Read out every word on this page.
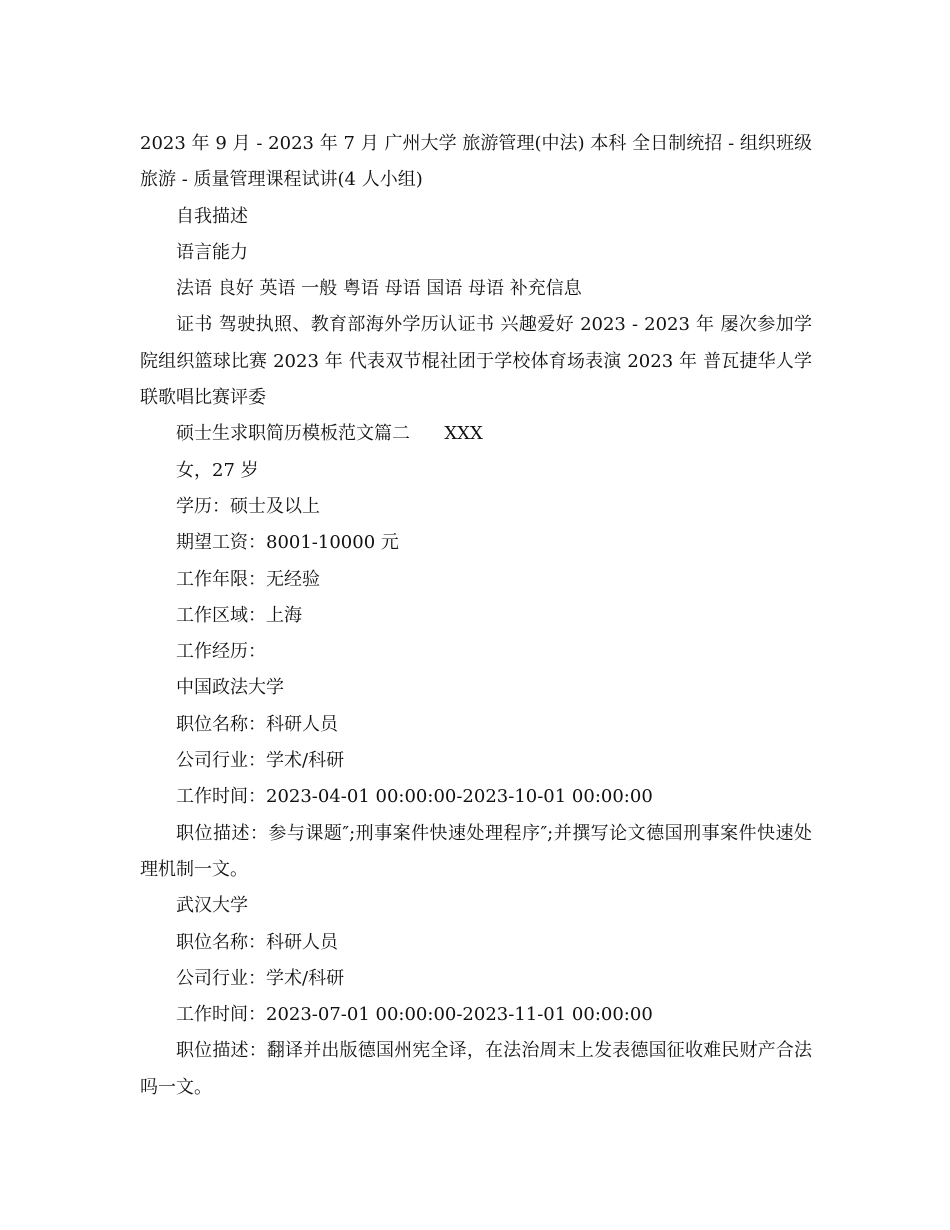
2023 年 9 月 - 2023 年 7 月 广州大学 旅游管理(中法) 本科 全日制统招 - 组织班级旅游 - 质量管理课程试讲(4 人小组)

自我描述

语言能力

法语 良好 英语 一般 粤语 母语 国语 母语 补充信息

证书 驾驶执照、教育部海外学历认证书 兴趣爱好 2023 - 2023 年 屡次参加学院组织篮球比赛 2023 年 代表双节棍社团于学校体育场表演 2023 年 普瓦捷华人学联歌唱比赛评委

硕士生求职简历模板范文篇二      XXX

女，27 岁

学历：硕士及以上

期望工资：8001-10000 元

工作年限：无经验

工作区域：上海

工作经历：

中国政法大学

职位名称：科研人员

公司行业：学术/科研

工作时间：2023-04-01 00:00:00-2023-10-01 00:00:00

职位描述：参与课题″;刑事案件快速处理程序″;并撰写论文德国刑事案件快速处理机制一文。

武汉大学

职位名称：科研人员

公司行业：学术/科研

工作时间：2023-07-01 00:00:00-2023-11-01 00:00:00

职位描述：翻译并出版德国州宪全译，在法治周末上发表德国征收难民财产合法吗一文。
